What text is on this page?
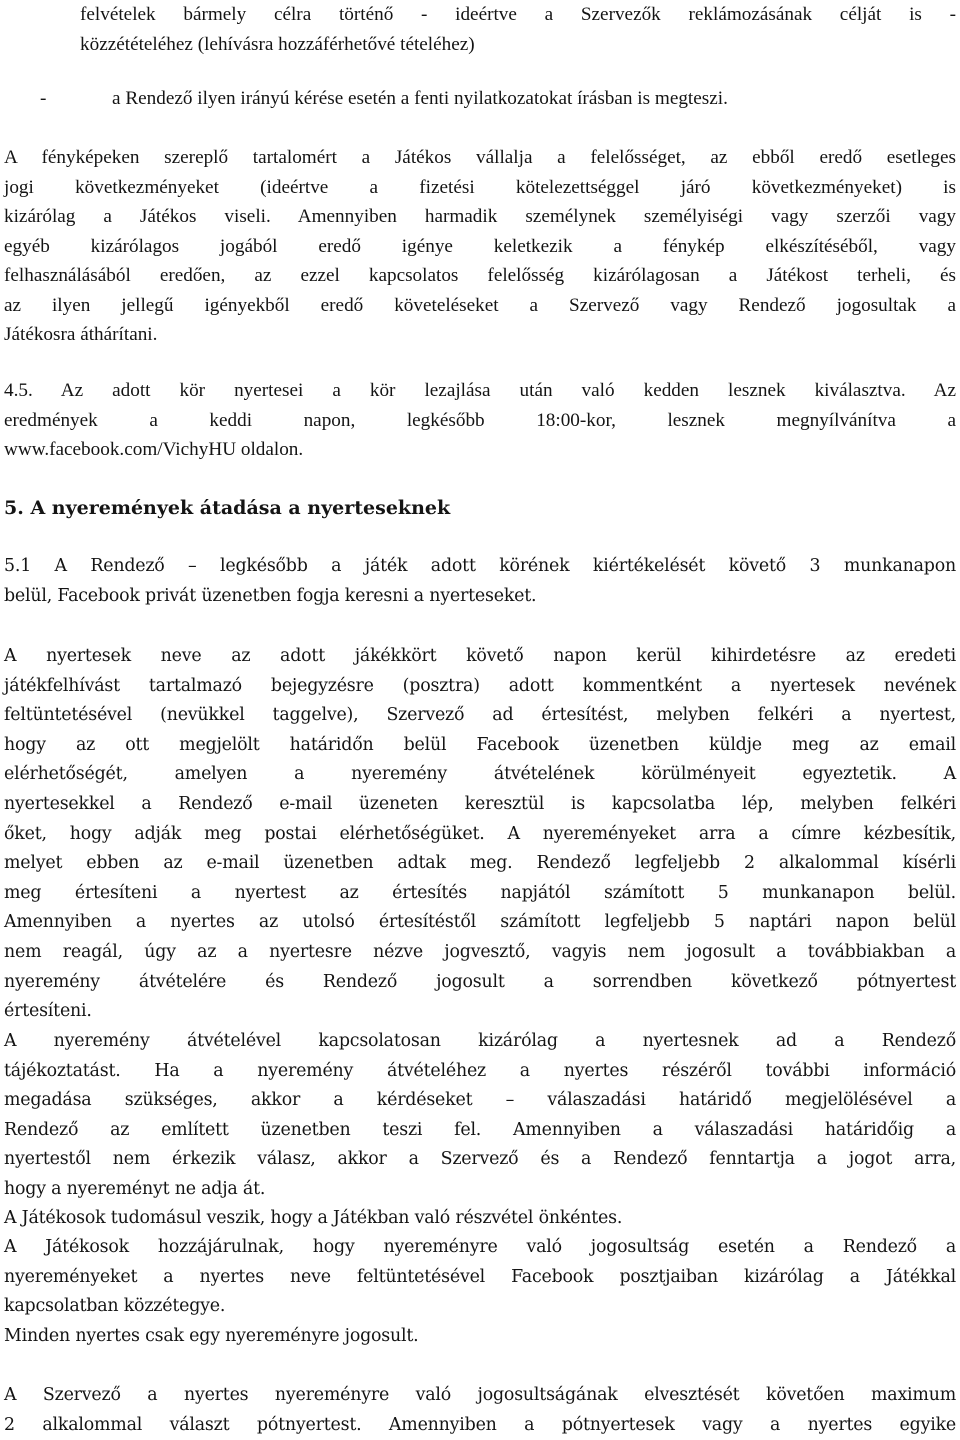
felvételek bármely célra történő - ideértve a Szervezők reklámozásának célját is -
közzétételéhez (lehívásra hozzáférhetővé tételéhez)
-	a Rendező ilyen irányú kérése esetén a fenti nyilatkozatokat írásban is megteszi.
A fényképeken szereplő tartalomért a Játékos vállalja a felelősséget, az ebből eredő esetleges
jogi következményeket (ideértve a fizetési kötelezettséggel járó következményeket) is
kizárólag a Játékos viseli. Amennyiben harmadik személynek személyiségi vagy szerzői vagy
egyéb kizárólagos jogából eredő igénye keletkezik a fénykép elkészítéséből, vagy
felhasználásából eredően, az ezzel kapcsolatos felelősség kizárólagosan a Játékost terheli, és
az ilyen jellegű igényekből eredő követeléseket a Szervező vagy Rendező jogosultak a
Játékosra áthárítani.
4.5. Az adott kör nyertesei a kör lezajlása után való kedden lesznek kiválasztva. Az
eredmények a keddi napon, legkésőbb 18:00-kor, lesznek megnyílvánítva a
www.facebook.com/VichyHU oldalon.
5. A nyeremények átadása a nyerteseknek
5.1 A Rendező – legkésőbb a játék adott körének kiértékelését követő 3 munkanapon
belül, Facebook privát üzenetben fogja keresni a nyerteseket.
A nyertesek neve az adott jákékkört követő napon kerül kihirdetésre az eredeti
játékfelhívást tartalmazó bejegyzésre (posztra) adott kommentként a nyertesek nevének
feltüntetésével (nevükkel taggelve), Szervező ad értesítést, melyben felkéri a nyertest,
hogy az ott megjelölt határidőn belül Facebook üzenetben küldje meg az email
elérhetőségét, amelyen a nyeremény átvételének körülményeit egyeztetik. A
nyertesekkel a Rendező e-mail üzeneten keresztül is kapcsolatba lép, melyben felkéri
őket, hogy adják meg postai elérhetőségüket. A nyereményeket arra a címre kézbesítik,
melyet ebben az e-mail üzenetben adtak meg. Rendező legfeljebb 2 alkalommal kísérli
meg értesíteni a nyertest az értesítés napjától számított 5 munkanapon belül.
Amennyiben a nyertes az utolsó értesítéstől számított legfeljebb 5 naptári napon belül
nem reagál, úgy az a nyertesre nézve jogvesztő, vagyis nem jogosult a továbbiakban a
nyeremény átvételére és Rendező jogosult a sorrendben következő pótnyertest
értesíteni.
A nyeremény átvételével kapcsolatosan kizárólag a nyertesnek ad a Rendező
tájékoztatást. Ha a nyeremény átvételéhez a nyertes részéről további információ
megadása szükséges, akkor a kérdéseket – válaszadási határidő megjelölésével a
Rendező az említett üzenetben teszi fel. Amennyiben a válaszadási határidőig a
nyertestől nem érkezik válasz, akkor a Szervező és a Rendező fenntartja a jogot arra,
hogy a nyereményt ne adja át.
A Játékosok tudomásul veszik, hogy a Játékban való részvétel önkéntes.
A Játékosok hozzájárulnak, hogy nyereményre való jogosultság esetén a Rendező a
nyereményeket a nyertes neve feltüntetésével Facebook posztjaiban kizárólag a Játékkal
kapcsolatban közzétegye.
Minden nyertes csak egy nyereményre jogosult.
A Szervező a nyertes nyereményre való jogosultságának elvesztését követően maximum
2 alkalommal választ pótnyertest. Amennyiben a pótnyertesek vagy a nyertes egyike
